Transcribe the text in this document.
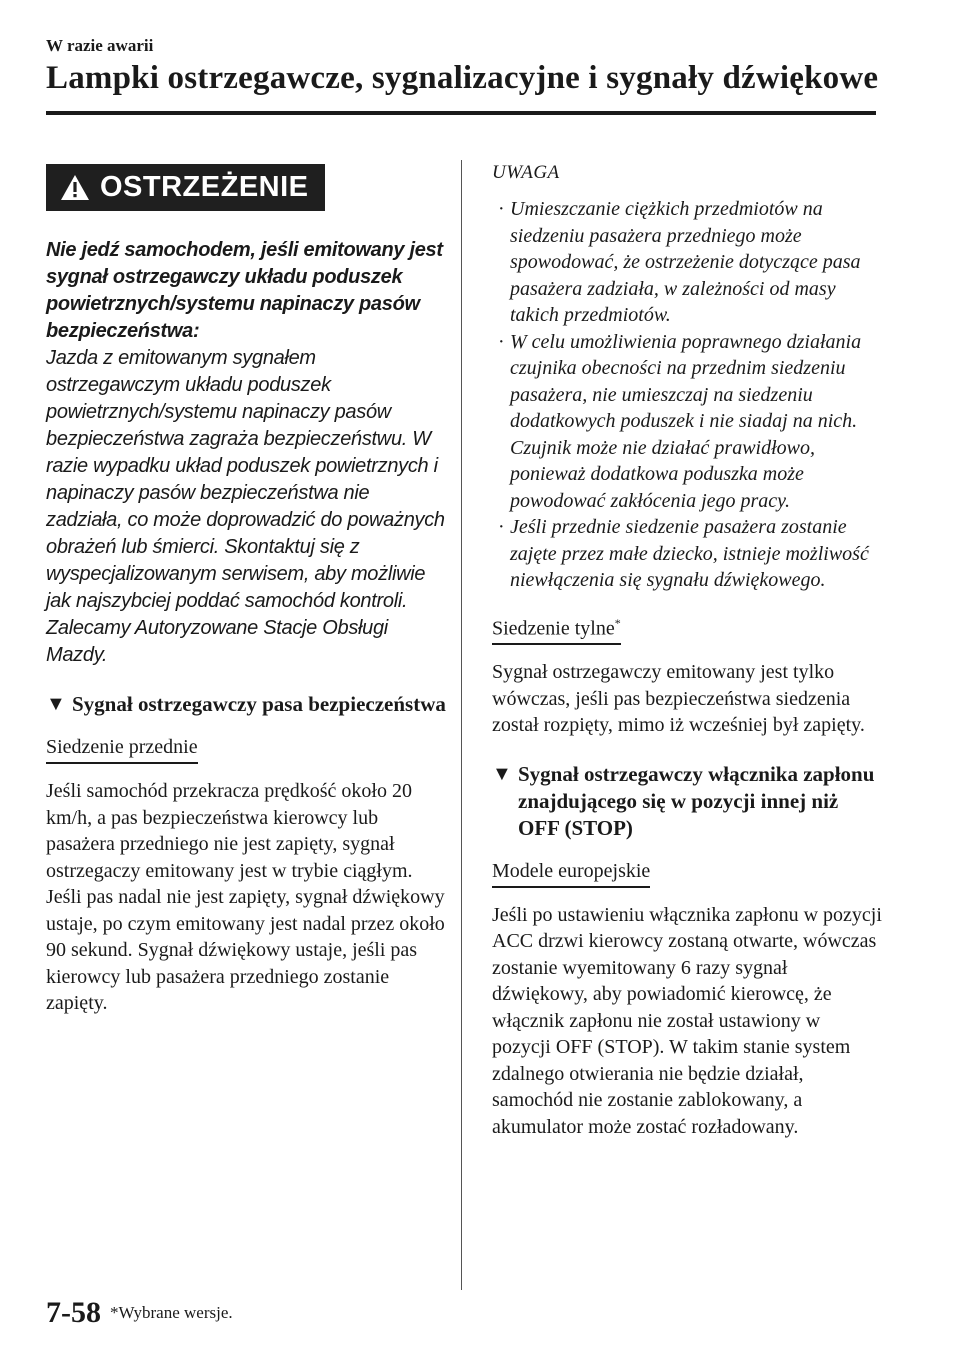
W razie awarii
Lampki ostrzegawcze, sygnalizacyjne i sygnały dźwiękowe
OSTRZEŻENIE
Nie jedź samochodem, jeśli emitowany jest sygnał ostrzegawczy układu poduszek powietrznych/systemu napinaczy pasów bezpieczeństwa:
Jazda z emitowanym sygnałem ostrzegawczym układu poduszek powietrznych/systemu napinaczy pasów bezpieczeństwa zagraża bezpieczeństwu. W razie wypadku układ poduszek powietrznych i napinaczy pasów bezpieczeństwa nie zadziała, co może doprowadzić do poważnych obrażeń lub śmierci. Skontaktuj się z wyspecjalizowanym serwisem, aby możliwie jak najszybciej poddać samochód kontroli. Zalecamy Autoryzowane Stacje Obsługi Mazdy.
▼ Sygnał ostrzegawczy pasa bezpieczeństwa
Siedzenie przednie
Jeśli samochód przekracza prędkość około 20 km/h, a pas bezpieczeństwa kierowcy lub pasażera przedniego nie jest zapięty, sygnał ostrzegaczy emitowany jest w trybie ciągłym. Jeśli pas nadal nie jest zapięty, sygnał dźwiękowy ustaje, po czym emitowany jest nadal przez około 90 sekund. Sygnał dźwiękowy ustaje, jeśli pas kierowcy lub pasażera przedniego zostanie zapięty.
UWAGA
· Umieszczanie ciężkich przedmiotów na siedzeniu pasażera przedniego może spowodować, że ostrzeżenie dotyczące pasa pasażera zadziała, w zależności od masy takich przedmiotów.
· W celu umożliwienia poprawnego działania czujnika obecności na przednim siedzeniu pasażera, nie umieszczaj na siedzeniu dodatkowych poduszek i nie siadaj na nich. Czujnik może nie działać prawidłowo, ponieważ dodatkowa poduszka może powodować zakłócenia jego pracy.
· Jeśli przednie siedzenie pasażera zostanie zajęte przez małe dziecko, istnieje możliwość niewłączenia się sygnału dźwiękowego.
Siedzenie tylne*
Sygnał ostrzegawczy emitowany jest tylko wówczas, jeśli pas bezpieczeństwa siedzenia został rozpięty, mimo iż wcześniej był zapięty.
▼ Sygnał ostrzegawczy włącznika zapłonu znajdującego się w pozycji innej niż OFF (STOP)
Modele europejskie
Jeśli po ustawieniu włącznika zapłonu w pozycji ACC drzwi kierowcy zostaną otwarte, wówczas zostanie wyemitowany 6 razy sygnał dźwiękowy, aby powiadomić kierowcę, że włącznik zapłonu nie został ustawiony w pozycji OFF (STOP). W takim stanie system zdalnego otwierania nie będzie działał, samochód nie zostanie zablokowany, a akumulator może zostać rozładowany.
7-58 *Wybrane wersje.
